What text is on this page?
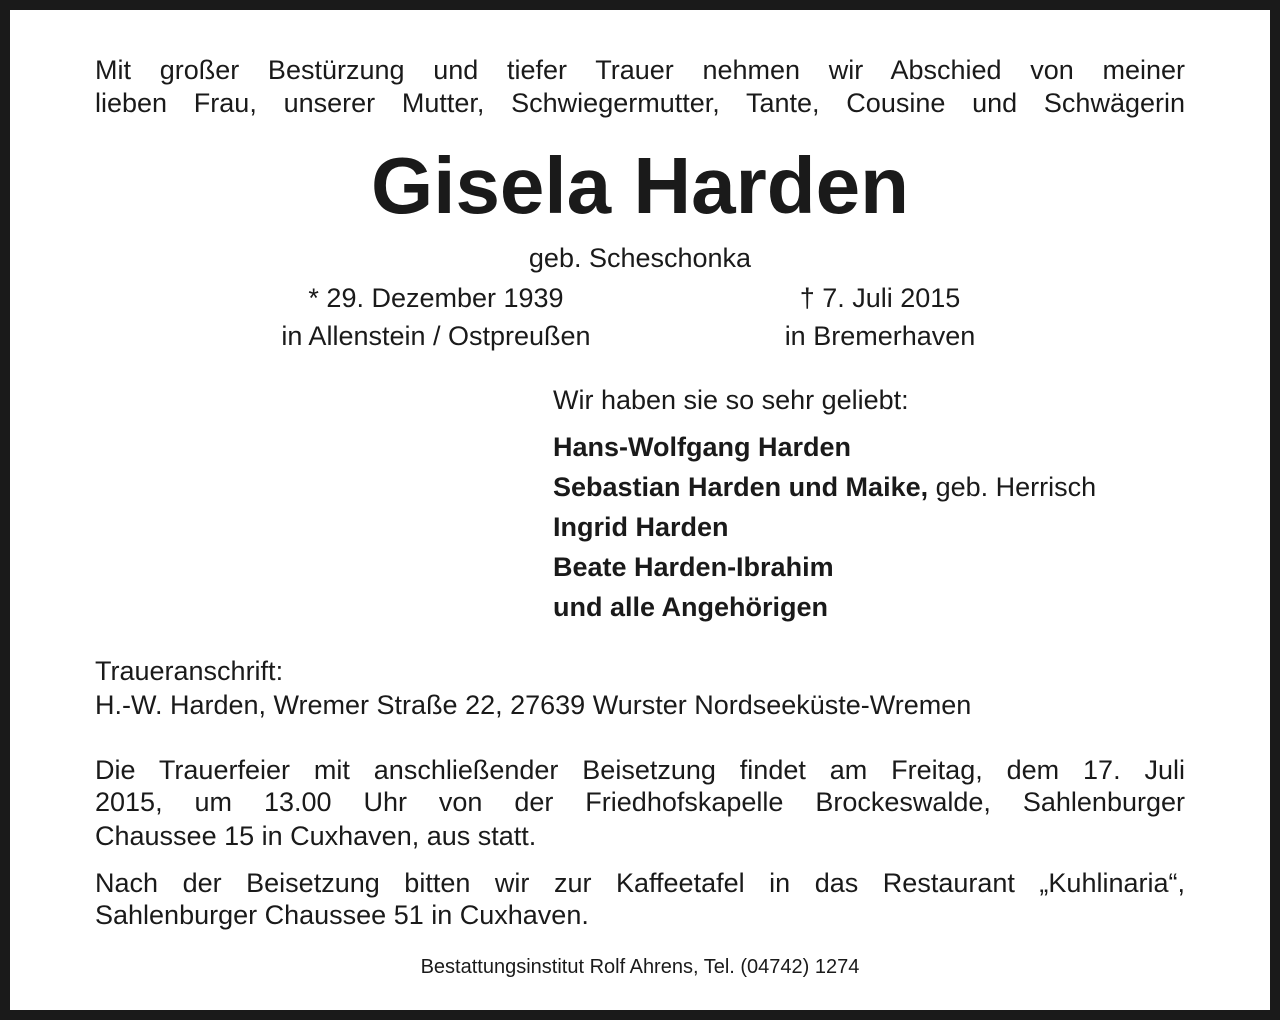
Mit großer Bestürzung und tiefer Trauer nehmen wir Abschied von meiner
lieben Frau, unserer Mutter, Schwiegermutter, Tante, Cousine und Schwägerin
Gisela Harden
geb. Scheschonka
* 29. Dezember 1939
in Allenstein / Ostpreußen
† 7. Juli 2015
in Bremerhaven
Wir haben sie so sehr geliebt:
Hans-Wolfgang Harden
Sebastian Harden und Maike, geb. Herrisch
Ingrid Harden
Beate Harden-Ibrahim
und alle Angehörigen
Traueranschrift:
H.-W. Harden, Wremer Straße 22, 27639 Wurster Nordseeküste-Wremen
Die Trauerfeier mit anschließender Beisetzung findet am Freitag, dem 17. Juli
2015, um 13.00 Uhr von der Friedhofskapelle Brockeswalde, Sahlenburger
Chaussee 15 in Cuxhaven, aus statt.
Nach der Beisetzung bitten wir zur Kaffeetafel in das Restaurant „Kuhlinaria“,
Sahlenburger Chaussee 51 in Cuxhaven.
Bestattungsinstitut Rolf Ahrens, Tel. (04742) 1274
